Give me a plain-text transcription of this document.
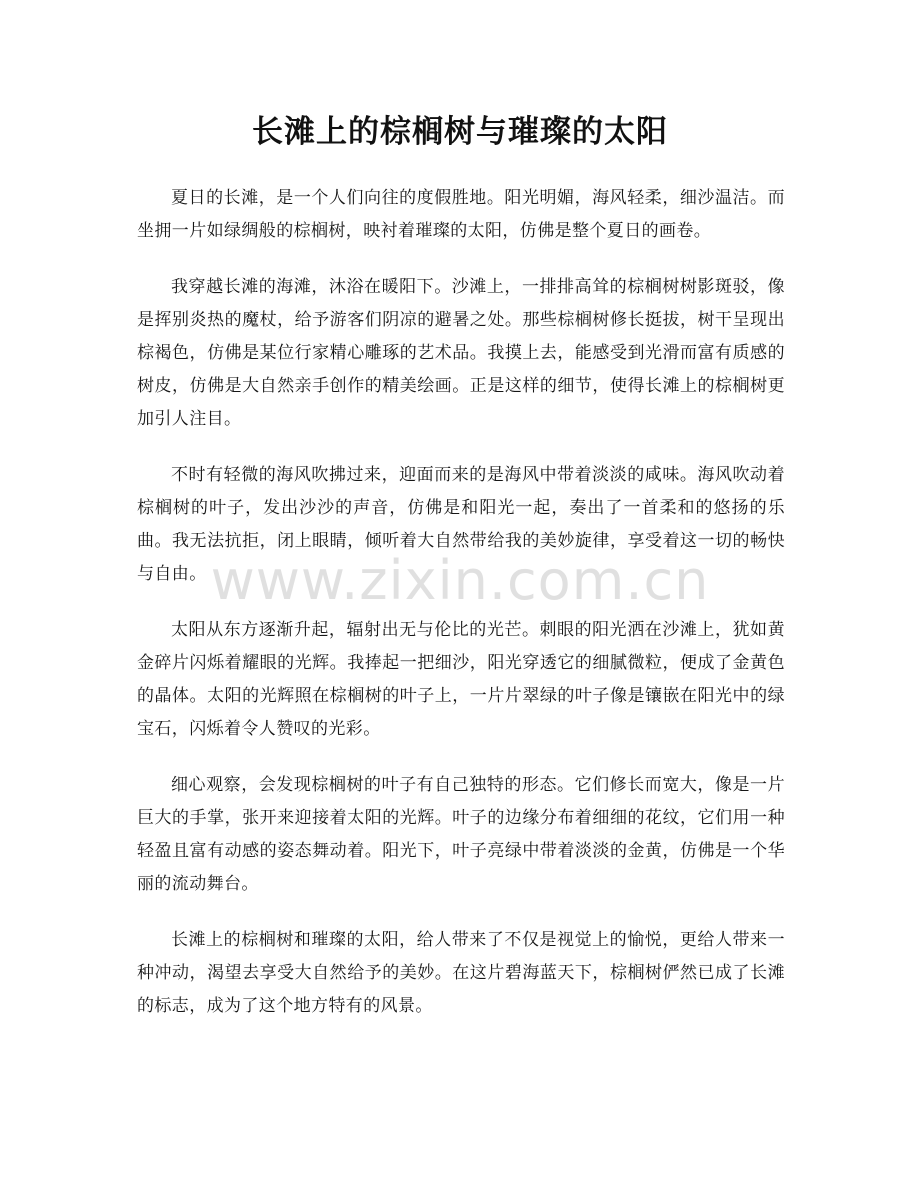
长滩上的棕榈树与璀璨的太阳

夏日的长滩，是一个人们向往的度假胜地。阳光明媚，海风轻柔，细沙温洁。而坐拥一片如绿绸般的棕榈树，映衬着璀璨的太阳，仿佛是整个夏日的画卷。

我穿越长滩的海滩，沐浴在暖阳下。沙滩上，一排排高耸的棕榈树树影斑驳，像是挥别炎热的魔杖，给予游客们阴凉的避暑之处。那些棕榈树修长挺拔，树干呈现出棕褐色，仿佛是某位行家精心雕琢的艺术品。我摸上去，能感受到光滑而富有质感的树皮，仿佛是大自然亲手创作的精美绘画。正是这样的细节，使得长滩上的棕榈树更加引人注目。

不时有轻微的海风吹拂过来，迎面而来的是海风中带着淡淡的咸味。海风吹动着棕榈树的叶子，发出沙沙的声音，仿佛是和阳光一起，奏出了一首柔和的悠扬的乐曲。我无法抗拒，闭上眼睛，倾听着大自然带给我的美妙旋律，享受着这一切的畅快与自由。

太阳从东方逐渐升起，辐射出无与伦比的光芒。刺眼的阳光洒在沙滩上，犹如黄金碎片闪烁着耀眼的光辉。我捧起一把细沙，阳光穿透它的细腻微粒，便成了金黄色的晶体。太阳的光辉照在棕榈树的叶子上，一片片翠绿的叶子像是镶嵌在阳光中的绿宝石，闪烁着令人赞叹的光彩。

细心观察，会发现棕榈树的叶子有自己独特的形态。它们修长而宽大，像是一片巨大的手掌，张开来迎接着太阳的光辉。叶子的边缘分布着细细的花纹，它们用一种轻盈且富有动感的姿态舞动着。阳光下，叶子亮绿中带着淡淡的金黄，仿佛是一个华丽的流动舞台。

长滩上的棕榈树和璀璨的太阳，给人带来了不仅是视觉上的愉悦，更给人带来一种冲动，渴望去享受大自然给予的美妙。在这片碧海蓝天下，棕榈树俨然已成了长滩的标志，成为了这个地方特有的风景。

www.zixin.com.cn
